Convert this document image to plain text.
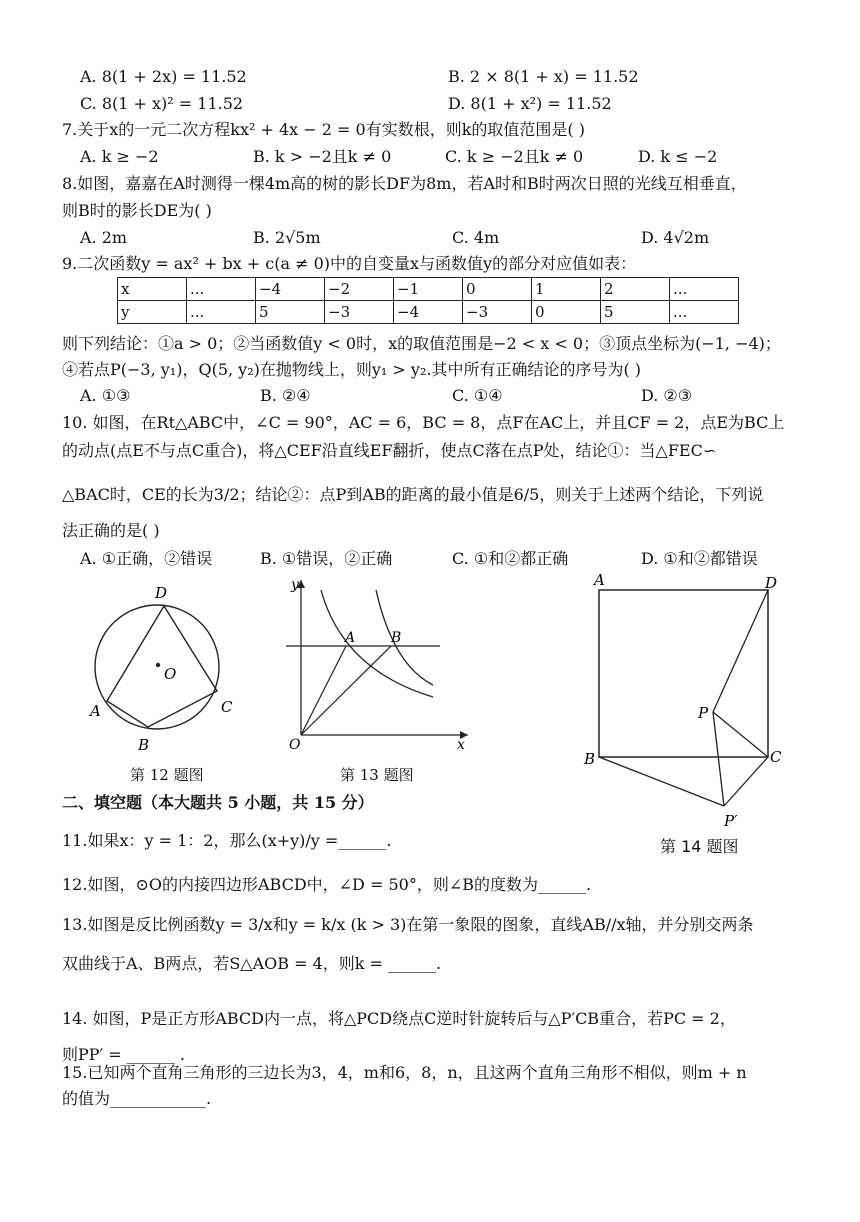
A. 8(1 + 2x) = 11.52	B. 2 × 8(1 + x) = 11.52
C. 8(1 + x)² = 11.52	D. 8(1 + x²) = 11.52
7.关于x的一元二次方程kx² + 4x − 2 = 0有实数根，则k的取值范围是( )
A. k ≥ −2	B. k > −2且k ≠ 0	C. k ≥ −2且k ≠ 0	D. k ≤ −2
8.如图，嘉嘉在A时测得一棵4m高的树的影长DF为8m，若A时和B时两次日照的光线互相垂直，
则B时的影长DE为( )
A. 2m	B. 2√5m	C. 4m	D. 4√2m
9.二次函数y = ax² + bx + c(a ≠ 0)中的自变量x与函数值y的部分对应值如表：
x	...	−4	−2	−1	0	1	2	...
y	...	5	−3	−4	−3	0	5	...
则下列结论：①a > 0；②当函数值y < 0时，x的取值范围是−2 < x < 0；③顶点坐标为(−1, −4)；
④若点P(−3, y₁)，Q(5, y₂)在抛物线上，则y₁ > y₂.其中所有正确结论的序号为( )
A. ①③	B. ②④	C. ①④	D. ②③
10. 如图，在Rt△ABC中，∠C = 90°，AC = 6，BC = 8，点F在AC上，并且CF = 2，点E为BC上
的动点(点E不与点C重合)，将△CEF沿直线EF翻折，使点C落在点P处，结论①：当△FEC∽
△BAC时，CE的长为3/2；结论②：点P到AB的距离的最小值是6/5，则关于上述两个结论，下列说
法正确的是( )
A. ①正确，②错误	B. ①错误，②正确	C. ①和②都正确	D. ①和②都错误
D
O
A	C
B
第 12 题图
y
A	B
O	x
第 13 题图
A	D
P
B	C
P′
第 14 题图
二、填空题（本大题共 5 小题，共 15 分）
11.如果x：y = 1：2，那么(x+y)/y =______.
12.如图，⊙O的内接四边形ABCD中，∠D = 50°，则∠B的度数为______.
13.如图是反比例函数y = 3/x和y = k/x (k > 3)在第一象限的图象，直线AB//x轴，并分别交两条
双曲线于A、B两点，若S△AOB = 4，则k = ______.
14. 如图，P是正方形ABCD内一点，将△PCD绕点C逆时针旋转后与△P′CB重合，若PC = 2，
则PP′ = ______ .
15.已知两个直角三角形的三边长为3，4，m和6，8，n，且这两个直角三角形不相似，则m + n
的值为____________.
